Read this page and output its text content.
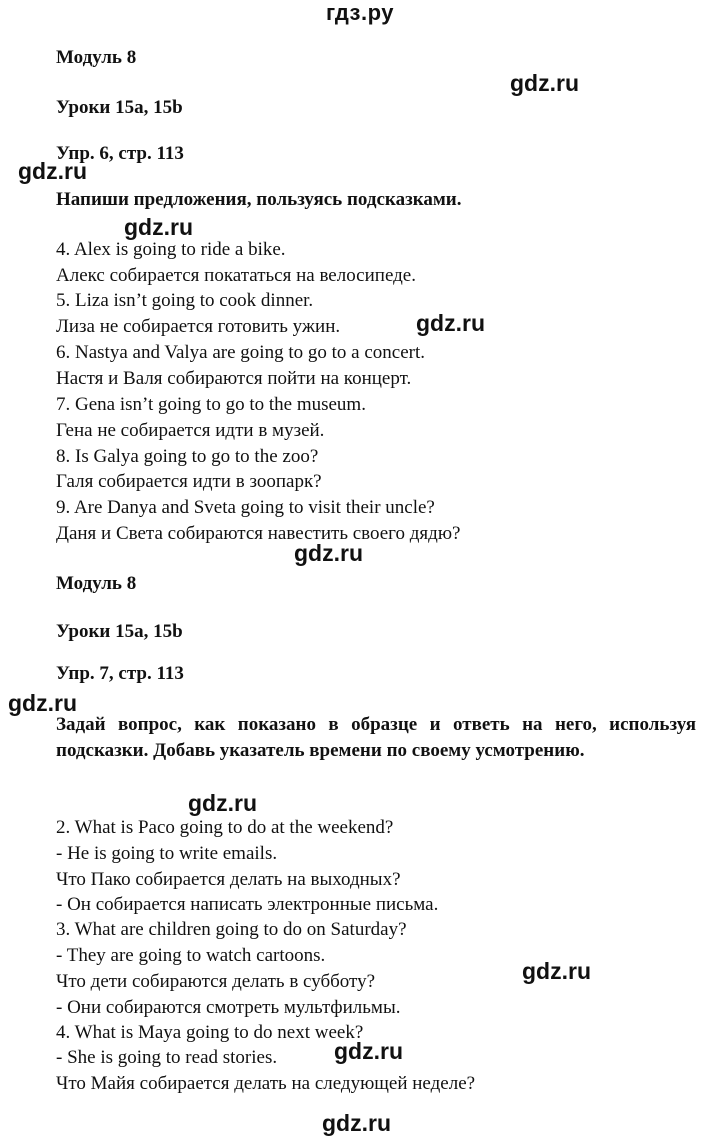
гдз.ру
Модуль 8
Уроки 15a, 15b
Упр. 6, стр. 113
Напиши предложения, пользуясь подсказками.
4. Alex is going to ride a bike.
Алекс собирается покататься на велосипеде.
5. Liza isn’t going to cook dinner.
Лиза не собирается готовить ужин.
6. Nastya and Valya are going to go to a concert.
Настя и Валя собираются пойти на концерт.
7. Gena isn’t going to go to the museum.
Гена не собирается идти в музей.
8. Is Galya going to go to the zoo?
Галя собирается идти в зоопарк?
9. Are Danya and Sveta going to visit their uncle?
Даня и Света собираются навестить своего дядю?
Модуль 8
Уроки 15a, 15b
Упр. 7, стр. 113
Задай вопрос, как показано в образце и ответь на него, используя подсказки. Добавь указатель времени по своему усмотрению.
2. What is Paco going to do at the weekend?
- He is going to write emails.
Что Пако собирается делать на выходных?
- Он собирается написать электронные письма.
3. What are children going to do on Saturday?
- They are going to watch cartoons.
Что дети собираются делать в субботу?
- Они собираются смотреть мультфильмы.
4. What is Maya going to do next week?
- She is going to read stories.
Что Майя собирается делать на следующей неделе?
gdz.ru
gdz.ru
gdz.ru
gdz.ru
gdz.ru
gdz.ru
gdz.ru
gdz.ru
gdz.ru
gdz.ru
